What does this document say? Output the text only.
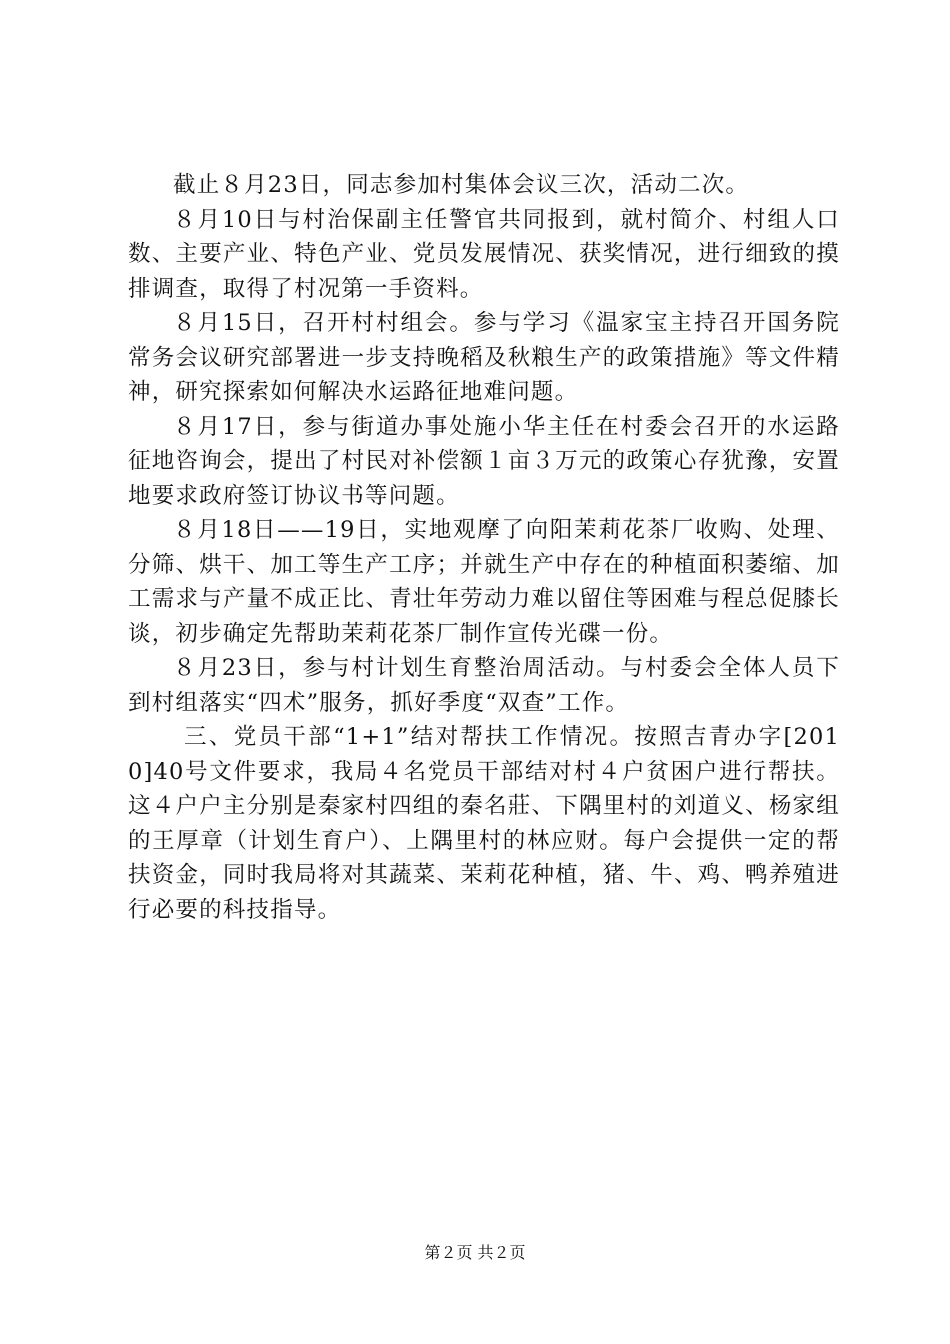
截止８月23日，同志参加村集体会议三次，活动二次。

８月10日与村治保副主任警官共同报到，就村简介、村组人口数、主要产业、特色产业、党员发展情况、获奖情况，进行细致的摸排调查，取得了村况第一手资料。

８月15日，召开村村组会。参与学习《温家宝主持召开国务院常务会议研究部署进一步支持晚稻及秋粮生产的政策措施》等文件精神，研究探索如何解决水运路征地难问题。

８月17日，参与街道办事处施小华主任在村委会召开的水运路征地咨询会，提出了村民对补偿额１亩３万元的政策心存犹豫，安置地要求政府签订协议书等问题。

８月18日——19日，实地观摩了向阳茉莉花茶厂收购、处理、分筛、烘干、加工等生产工序；并就生产中存在的种植面积萎缩、加工需求与产量不成正比、青壮年劳动力难以留住等困难与程总促膝长谈，初步确定先帮助茉莉花茶厂制作宣传光碟一份。

８月23日，参与村计划生育整治周活动。与村委会全体人员下到村组落实“四术”服务，抓好季度“双查”工作。

三、党员干部“1+1”结对帮扶工作情况。按照吉青办字[2010]40号文件要求，我局４名党员干部结对村４户贫困户进行帮扶。这４户户主分别是秦家村四组的秦名莊、下隅里村的刘道义、杨家组的王厚章（计划生育户）、上隅里村的林应财。每户会提供一定的帮扶资金，同时我局将对其蔬菜、茉莉花种植，猪、牛、鸡、鸭养殖进行必要的科技指导。

第２页 共２页
